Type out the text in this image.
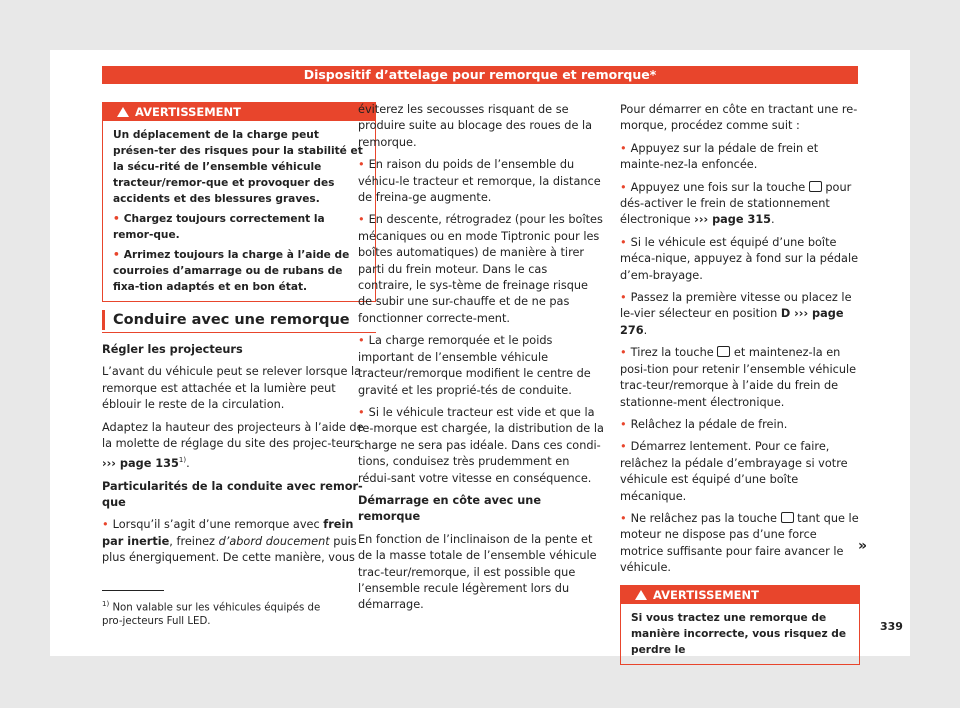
Dispositif d’attelage pour remorque et remorque*
AVERTISSEMENT

Un déplacement de la charge peut présen-ter des risques pour la stabilité et la sécu-rité de l’ensemble véhicule tracteur/remor-que et provoquer des accidents et des blessures graves.

• Chargez toujours correctement la remor-que.

• Arrimez toujours la charge à l’aide de courroies d’amarrage ou de rubans de fixa-tion adaptés et en bon état.

Conduire avec une remorque

Régler les projecteurs

L’avant du véhicule peut se relever lorsque la remorque est attachée et la lumière peut éblouir le reste de la circulation.

Adaptez la hauteur des projecteurs à l’aide de la molette de réglage du site des projec-teurs ››› page 135$^{1)}$.

Particularités de la conduite avec remor-que

• Lorsqu’il s’agit d’une remorque avec frein par inertie, freinez d’abord doucement puis plus énergiquement. De cette manière, vous

éviterez les secousses risquant de se produire suite au blocage des roues de la remorque.

• En raison du poids de l’ensemble du véhicu-le tracteur et remorque, la distance de freina-ge augmente.

• En descente, rétrogradez (pour les boîtes mécaniques ou en mode Tiptronic pour les boîtes automatiques) de manière à tirer parti du frein moteur. Dans le cas contraire, le sys-tème de freinage risque de subir une sur-chauffe et de ne pas fonctionner correcte-ment.

• La charge remorquée et le poids important de l’ensemble véhicule tracteur/remorque modifient le centre de gravité et les proprié-tés de conduite.

• Si le véhicule tracteur est vide et que la re-morque est chargée, la distribution de la charge ne sera pas idéale. Dans ces condi-tions, conduisez très prudemment en rédui-sant votre vitesse en conséquence.

Démarrage en côte avec une remorque

En fonction de l’inclinaison de la pente et de la masse totale de l’ensemble véhicule trac-teur/remorque, il est possible que l’ensemble recule légèrement lors du démarrage.

Pour démarrer en côte en tractant une re-morque, procédez comme suit :

• Appuyez sur la pédale de frein et mainte-nez-la enfoncée.

• Appuyez une fois sur la touche  pour dés-activer le frein de stationnement électronique ››› page 315.

• Si le véhicule est équipé d’une boîte méca-nique, appuyez à fond sur la pédale d’em-brayage.

• Passez la première vitesse ou placez le le-vier sélecteur en position D ››› page 276.

• Tirez la touche  et maintenez-la en posi-tion pour retenir l’ensemble véhicule trac-teur/remorque à l’aide du frein de stationne-ment électronique.

• Relâchez la pédale de frein.

• Démarrez lentement. Pour ce faire, relâchez la pédale d’embrayage si votre véhicule est équipé d’une boîte mécanique.

• Ne relâchez pas la touche  tant que le moteur ne dispose pas d’une force motrice suffisante pour faire avancer le véhicule.

AVERTISSEMENT
Si vous tractez une remorque de manière incorrecte, vous risquez de perdre le
»
$^{1)}$ Non valable sur les véhicules équipés de pro-jecteurs Full LED.	339
